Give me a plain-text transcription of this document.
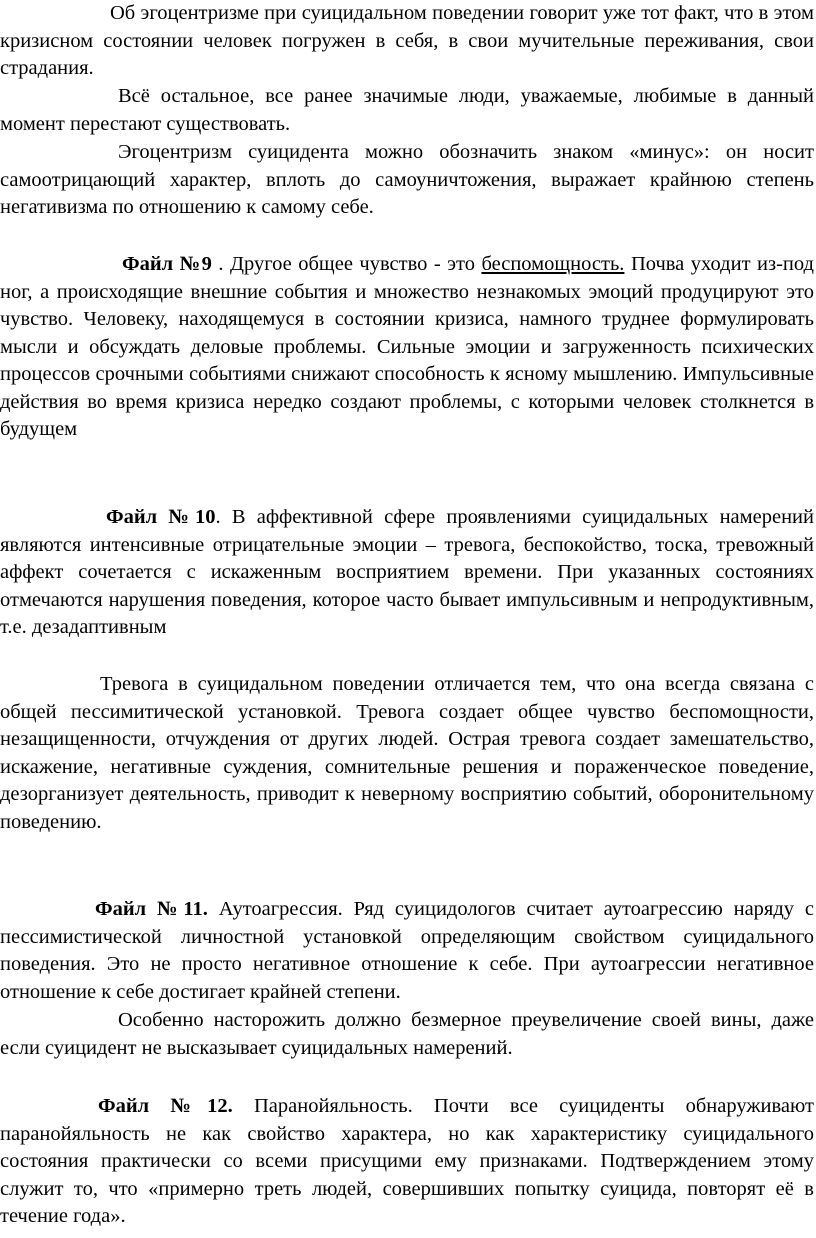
Об эгоцентризме при суицидальном поведении говорит уже тот факт, что в этом кризисном состоянии человек погружен в себя, в свои мучительные переживания, свои страдания.

Всё остальное, все ранее значимые люди, уважаемые, любимые в данный момент перестают существовать.

Эгоцентризм суицидента можно обозначить знаком «минус»: он носит самоотрицающий характер, вплоть до самоуничтожения, выражает крайнюю степень негативизма по отношению к самому себе.

Файл №9 . Другое общее чувство - это беспомощность. Почва уходит из-под ног, а происходящие внешние события и множество незнакомых эмоций продуцируют это чувство. Человеку, находящемуся в состоянии кризиса, намного труднее формулировать мысли и обсуждать деловые проблемы. Сильные эмоции и загруженность психических процессов срочными событиями снижают способность к ясному мышлению. Импульсивные действия во время кризиса нередко создают проблемы, с которыми человек столкнется в будущем

Файл №10. В аффективной сфере проявлениями суицидальных намерений являются интенсивные отрицательные эмоции – тревога, беспокойство, тоска, тревожный аффект сочетается с искаженным восприятием времени. При указанных состояниях отмечаются нарушения поведения, которое часто бывает импульсивным и непродуктивным, т.е. дезадаптивным

Тревога в суицидальном поведении отличается тем, что она всегда связана с общей пессимитической установкой. Тревога создает общее чувство беспомощности, незащищенности, отчуждения от других людей. Острая тревога создает замешательство, искажение, негативные суждения, сомнительные решения и пораженческое поведение, дезорганизует деятельность, приводит к неверному восприятию событий, оборонительному поведению.

Файл №11. Аутоагрессия. Ряд суицидологов считает аутоагрессию наряду с пессимистической личностной установкой определяющим свойством суицидального поведения. Это не просто негативное отношение к себе. При аутоагрессии негативное отношение к себе достигает крайней степени.

Особенно насторожить должно безмерное преувеличение своей вины, даже если суицидент не высказывает суицидальных намерений.

Файл №12. Паранойяльность. Почти все суициденты обнаруживают паранойяльность не как свойство характера, но как характеристику суицидального состояния практически со всеми присущими ему признаками. Подтверждением этому служит то, что «примерно треть людей, совершивших попытку суицида, повторят её в течение года».
